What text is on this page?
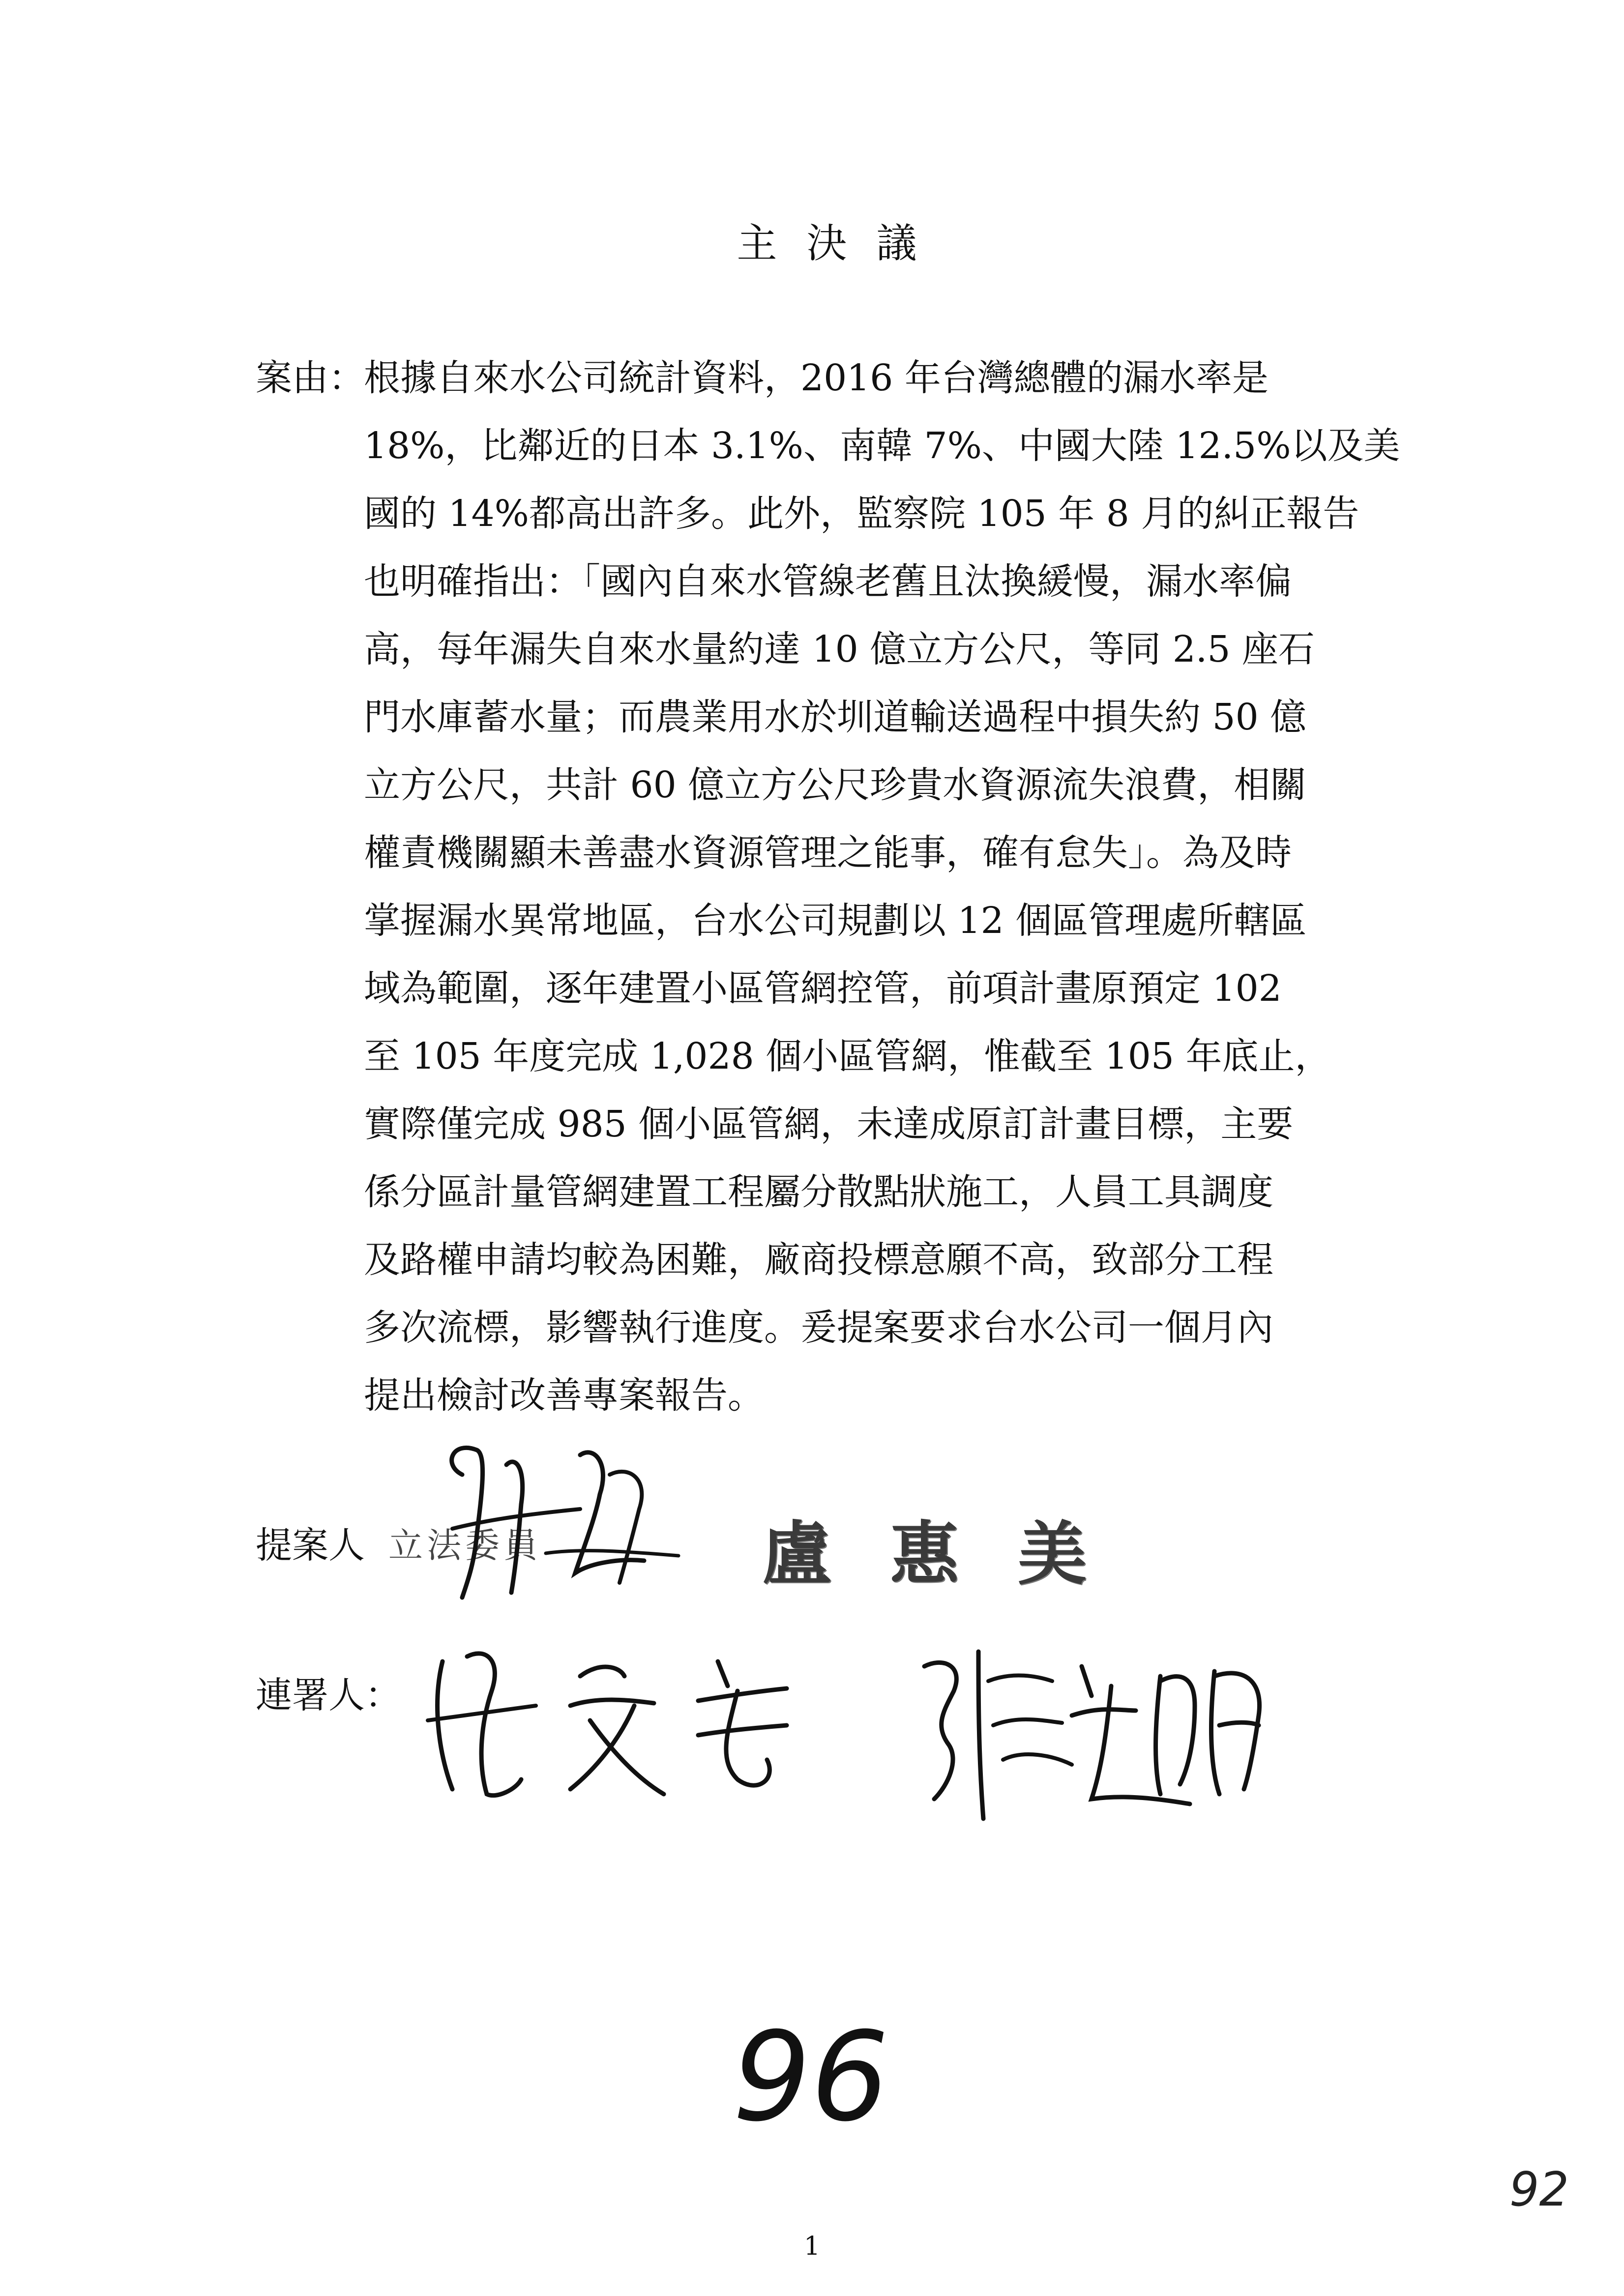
主決議
案由：
根據自來水公司統計資料，2016 年台灣總體的漏水率是
18%，比鄰近的日本 3.1%、南韓 7%、中國大陸 12.5%以及美
國的 14%都高出許多。此外，監察院 105 年 8 月的糾正報告
也明確指出：「國內自來水管線老舊且汰換緩慢，漏水率偏
高，每年漏失自來水量約達 10 億立方公尺，等同 2.5 座石
門水庫蓄水量；而農業用水於圳道輸送過程中損失約 50 億
立方公尺，共計 60 億立方公尺珍貴水資源流失浪費，相關
權責機關顯未善盡水資源管理之能事，確有怠失」。為及時
掌握漏水異常地區，台水公司規劃以 12 個區管理處所轄區
域為範圍，逐年建置小區管網控管，前項計畫原預定 102
至 105 年度完成 1,028 個小區管網，惟截至 105 年底止，
實際僅完成 985 個小區管網，未達成原訂計畫目標，主要
係分區計量管網建置工程屬分散點狀施工，人員工具調度
及路權申請均較為困難，廠商投標意願不高，致部分工程
多次流標，影響執行進度。爰提案要求台水公司一個月內
提出檢討改善專案報告。
提案人 立法委員	盧惠美
連署人：
96
92
1
